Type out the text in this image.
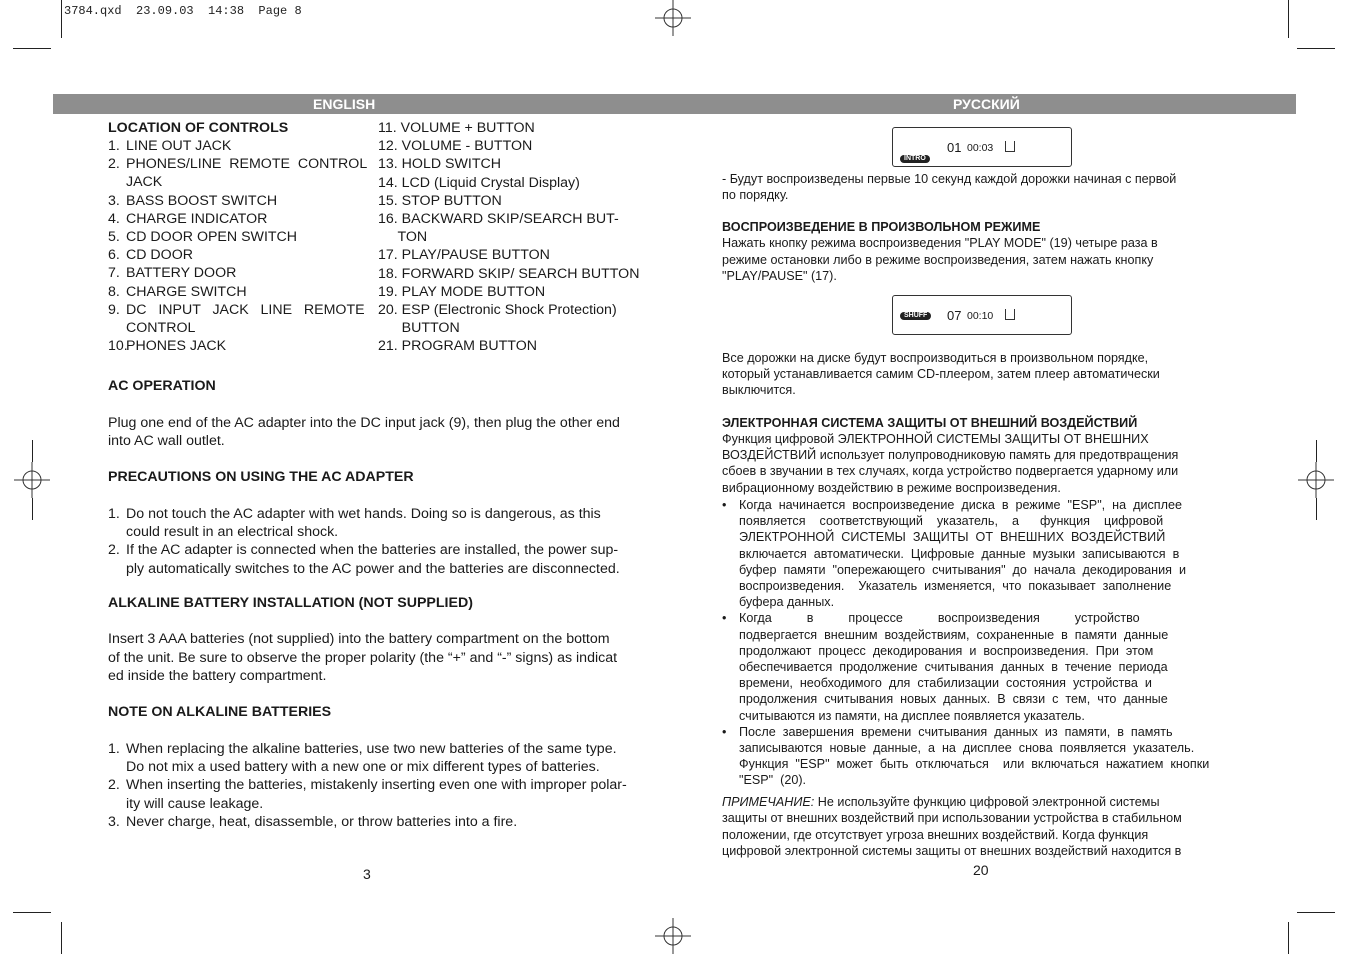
3784.qxd  23.09.03  14:38  Page 8
ENGLISH	РУССКИЙ
LOCATION OF CONTROLS
1. LINE OUT JACK
2. PHONES/LINE  REMOTE  CONTROL
JACK
3. BASS BOOST SWITCH
4. CHARGE INDICATOR
5. CD DOOR OPEN SWITCH
6. CD DOOR
7. BATTERY DOOR
8. CHARGE SWITCH
9. DC   INPUT   JACK   LINE   REMOTE
CONTROL
10.
PHONES JACK
11. VOLUME + BUTTON
12. VOLUME - BUTTON
13. HOLD SWITCH
14. LCD (Liquid Crystal Display)
15. STOP BUTTON
16. BACKWARD SKIP/SEARCH BUT-
TON
17. PLAY/PAUSE BUTTON
18. FORWARD SKIP/ SEARCH BUTTON
19. PLAY MODE BUTTON
20. ESP (Electronic Shock Protection)
BUTTON
21. PROGRAM BUTTON
AC OPERATION
Plug one end of the AC adapter into the DC input jack (9), then plug the other end
into AC wall outlet.
PRECAUTIONS ON USING THE AC ADAPTER
1. Do not touch the AC adapter with wet hands. Doing so is dangerous, as this
could result in an electrical shock.
2. If the AC adapter is connected when the batteries are installed, the power sup-
ply automatically switches to the AC power and the batteries are disconnected.
ALKALINE BATTERY INSTALLATION (NOT SUPPLIED)
Insert 3 AAA batteries (not supplied) into the battery compartment on the bottom
of the unit. Be sure to observe the proper polarity (the “+” and “-” signs) as indicat
ed inside the battery compartment.
NOTE ON ALKALINE BATTERIES
1. When replacing the alkaline batteries, use two new batteries of the same type.
Do not mix a used battery with a new one or mix different types of batteries.
2. When inserting the batteries, mistakenly inserting even one with improper polar-
ity will cause leakage.
3. Never charge, heat, disassemble, or throw batteries into a fire.
3
INTRO
01 00:03
- Будут воспроизведены первые 10 секунд каждой дорожки начиная с первой
по порядку.
ВОСПРОИЗВЕДЕНИЕ В ПРОИЗВОЛЬНОМ РЕЖИМЕ
Нажать кнопку режима воспроизведения "PLAY MODE" (19) четыре раза в
режиме остановки либо в режиме воспроизведения, затем нажать кнопку
"PLAY/PAUSE" (17).
SHUFF	07 00:10
Все дорожки на диске будут воспроизводиться в произвольном порядке,
который устанавливается самим CD-плеером, затем плеер автоматически
выключится.
ЭЛЕКТРОННАЯ СИСТЕМА ЗАЩИТЫ ОТ ВНЕШНИЙ ВОЗДЕЙСТВИЙ
Функция цифровой ЭЛЕКТРОННОЙ СИСТЕМЫ ЗАЩИТЫ ОТ ВНЕШНИХ
ВОЗДЕЙСТВИЙ использует полупроводниковую память для предотвращения
сбоев в звучании в тех случаях, когда устройство подвергается ударному или
вибрационному воздействию в режиме воспроизведения.
• Когда  начинается  воспроизведение  диска  в  режиме  "ESP",  на  дисплее
появляется    соответствующий    указатель,    а      функция    цифровой
ЭЛЕКТРОННОЙ  СИСТЕМЫ  ЗАЩИТЫ  ОТ  ВНЕШНИХ  ВОЗДЕЙСТВИЙ
включается  автоматически.  Цифровые  данные  музыки  записываются  в
буфер  памяти  "опережающего  считывания"  до  начала  декодирования  и
воспроизведения.    Указатель  изменяется,  что  показывает  заполнение
буфера данных.
• Когда          в          процессе          воспроизведения          устройство
подвергается  внешним  воздействиям,  сохраненные  в  памяти  данные
продолжают  процесс  декодирования  и  воспроизведения.  При  этом
обеспечивается  продолжение  считывания  данных  в  течение  периода
времени,  необходимого  для  стабилизации  состояния  устройства  и
продолжения  считывания  новых  данных.  В  связи  с  тем,  что  данные
считываются из памяти, на дисплее появляется указатель.
• После  завершения  времени  считывания  данных  из  памяти,  в  память
записываются  новые  данные,  а  на  дисплее  снова  появляется  указатель.
Функция  "ESP"  может  быть  отключаться    или  включаться  нажатием  кнопки
"ESP"  (20).
ПРИМЕЧАНИЕ: Не используйте функцию цифровой электронной системы
защиты от внешних воздействий при использовании устройства в стабильном
положении, где отсутствует угроза внешних воздействий. Когда функция
цифровой электронной системы защиты от внешних воздействий находится в
20
